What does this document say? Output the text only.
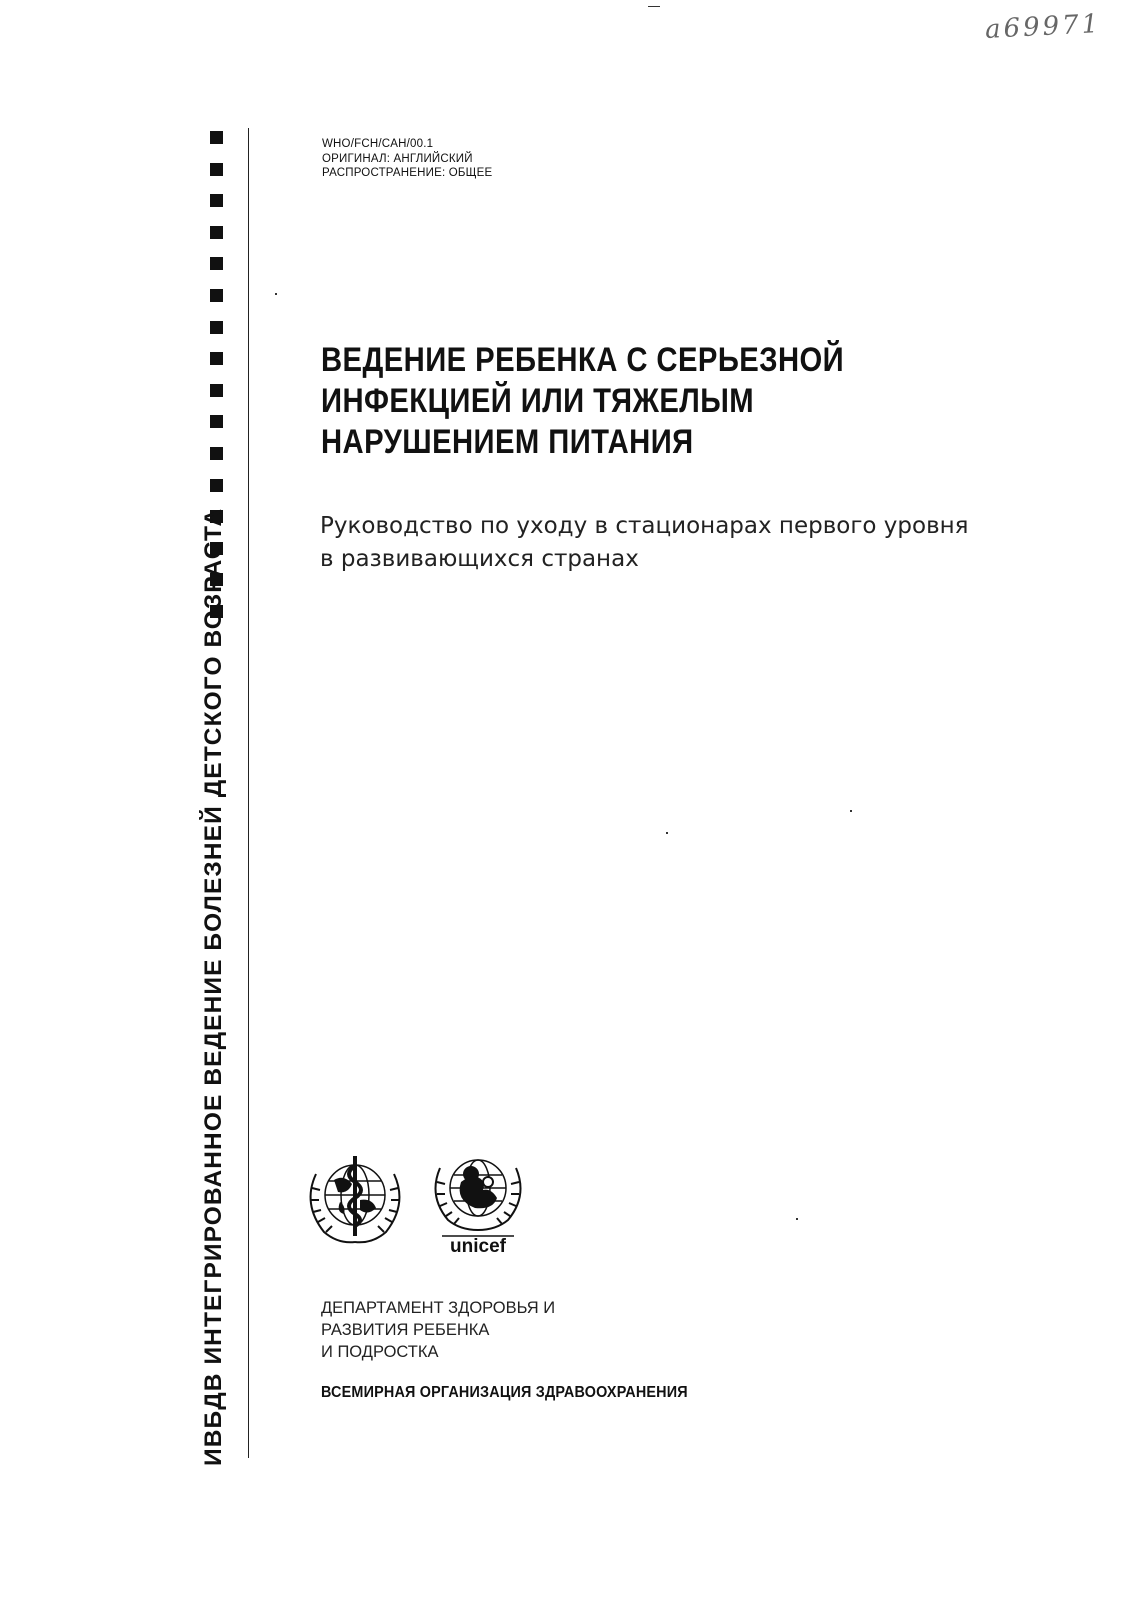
a69971
ИВБДВ ИНТЕГРИРОВАННОЕ ВЕДЕНИЕ БОЛЕЗНЕЙ ДЕТСКОГО ВОЗРАСТА
WHO/FCH/CAH/00.1
ОРИГИНАЛ: АНГЛИЙСКИЙ
РАСПРОСТРАНЕНИЕ: ОБЩЕЕ
ВЕДЕНИЕ РЕБЕНКА С СЕРЬЕЗНОЙ
ИНФЕКЦИЕЙ ИЛИ ТЯЖЕЛЫМ
НАРУШЕНИЕМ ПИТАНИЯ
Руководство по уходу в стационарах первого уровня
в развивающихся странах
unicef
ДЕПАРТАМЕНТ ЗДОРОВЬЯ И
РАЗВИТИЯ РЕБЕНКА
И ПОДРОСТКА
ВСЕМИРНАЯ ОРГАНИЗАЦИЯ ЗДРАВООХРАНЕНИЯ
